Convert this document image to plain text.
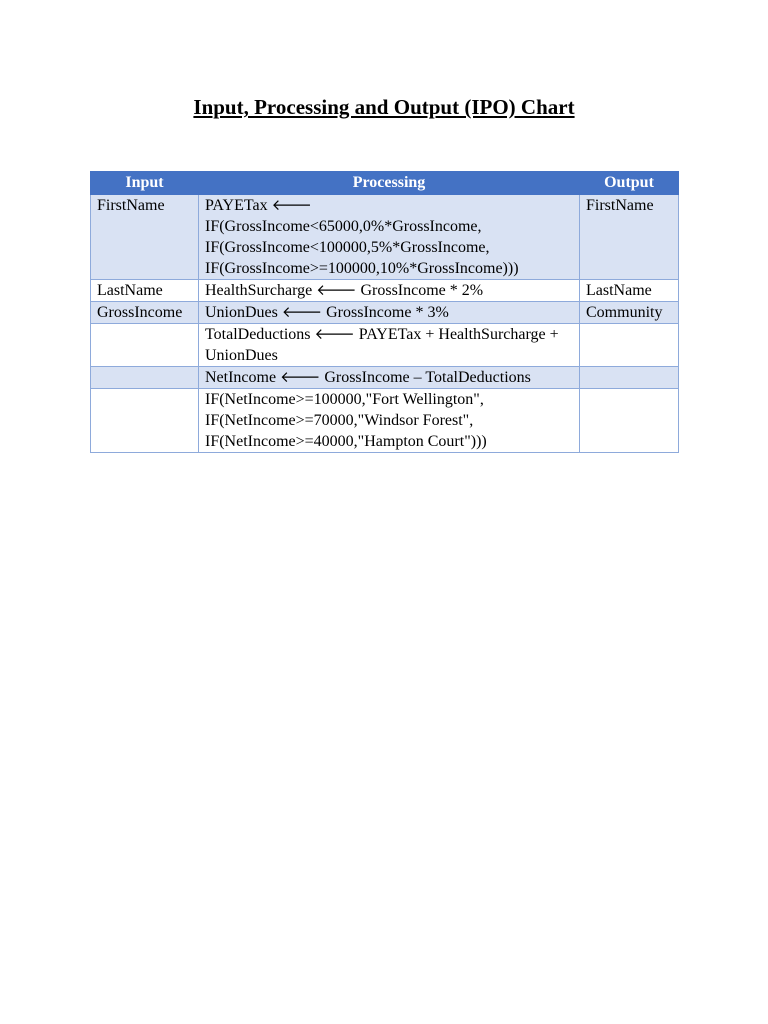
Input, Processing and Output (IPO) Chart
Input	Processing	Output
FirstName	PAYETax 🡐
IF(GrossIncome<65000,0%*GrossIncome,
IF(GrossIncome<100000,5%*GrossIncome,
IF(GrossIncome>=100000,10%*GrossIncome)))	FirstName
LastName	HealthSurcharge 🡐 GrossIncome * 2%	LastName
GrossIncome	UnionDues 🡐 GrossIncome * 3%	Community
	TotalDeductions 🡐 PAYETax + HealthSurcharge + UnionDues	
	NetIncome 🡐 GrossIncome – TotalDeductions	

	IF(NetIncome>=100000,"Fort Wellington",
IF(NetIncome>=70000,"Windsor Forest",
IF(NetIncome>=40000,"Hampton Court")))	
